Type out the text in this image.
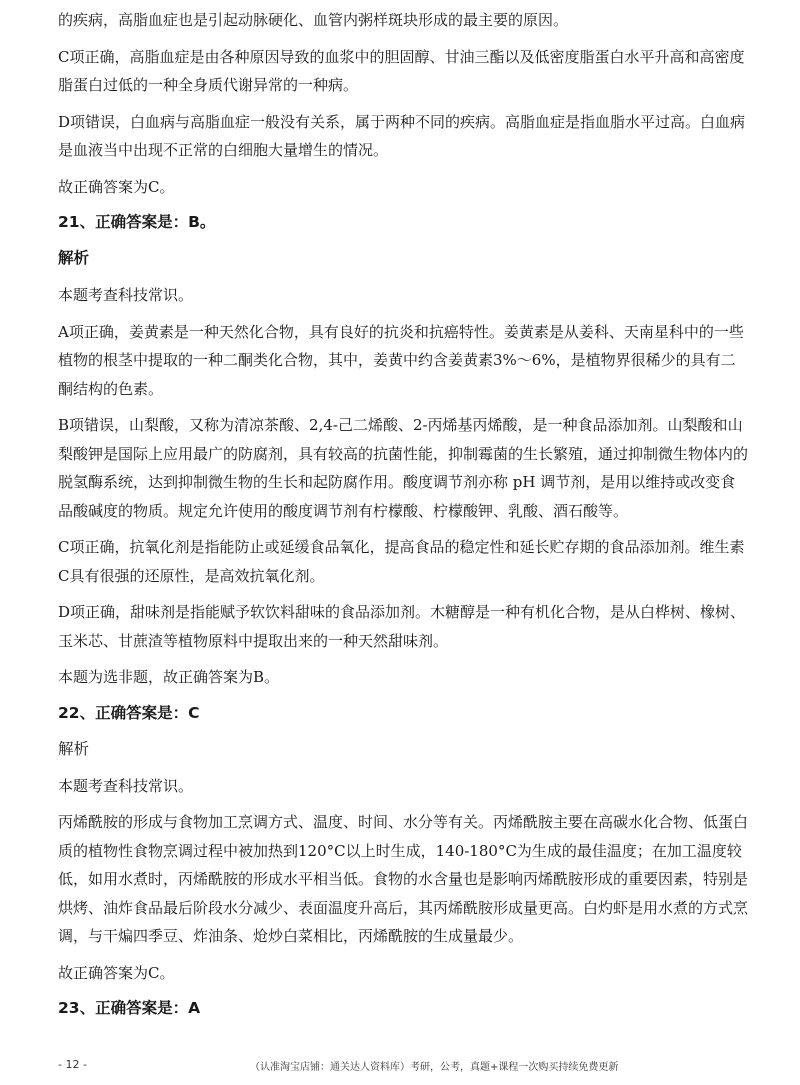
的疾病，高脂血症也是引起动脉硬化、血管内粥样斑块形成的最主要的原因。

C项正确，高脂血症是由各种原因导致的血浆中的胆固醇、甘油三酯以及低密度脂蛋白水平升高和高密度脂蛋白过低的一种全身质代谢异常的一种病。

D项错误，白血病与高脂血症一般没有关系，属于两种不同的疾病。高脂血症是指血脂水平过高。白血病是血液当中出现不正常的白细胞大量增生的情况。

故正确答案为C。

21、正确答案是：B。
解析

本题考查科技常识。

A项正确，姜黄素是一种天然化合物，具有良好的抗炎和抗癌特性。姜黄素是从姜科、天南星科中的一些植物的根茎中提取的一种二酮类化合物，其中，姜黄中约含姜黄素3%～6%，是植物界很稀少的具有二酮结构的色素。

B项错误，山梨酸，又称为清凉茶酸、2,4-己二烯酸、2-丙烯基丙烯酸，是一种食品添加剂。山梨酸和山梨酸钾是国际上应用最广的防腐剂，具有较高的抗菌性能，抑制霉菌的生长繁殖，通过抑制微生物体内的脱氢酶系统，达到抑制微生物的生长和起防腐作用。酸度调节剂亦称 pH 调节剂，是用以维持或改变食品酸碱度的物质。规定允许使用的酸度调节剂有柠檬酸、柠檬酸钾、乳酸、酒石酸等。

C项正确，抗氧化剂是指能防止或延缓食品氧化，提高食品的稳定性和延长贮存期的食品添加剂。维生素C具有很强的还原性，是高效抗氧化剂。

D项正确，甜味剂是指能赋予软饮料甜味的食品添加剂。木糖醇是一种有机化合物，是从白桦树、橡树、玉米芯、甘蔗渣等植物原料中提取出来的一种天然甜味剂。

本题为选非题，故正确答案为B。

22、正确答案是：C
解析

本题考查科技常识。

丙烯酰胺的形成与食物加工烹调方式、温度、时间、水分等有关。丙烯酰胺主要在高碳水化合物、低蛋白质的植物性食物烹调过程中被加热到120°C以上时生成，140-180°C为生成的最佳温度；在加工温度较低，如用水煮时，丙烯酰胺的形成水平相当低。食物的水含量也是影响丙烯酰胺形成的重要因素，特别是烘烤、油炸食品最后阶段水分减少、表面温度升高后，其丙烯酰胺形成量更高。白灼虾是用水煮的方式烹调，与干煸四季豆、炸油条、炝炒白菜相比，丙烯酰胺的生成量最少。

故正确答案为C。

23、正确答案是：A
- 12 -	（认准淘宝店铺：通关达人资料库）考研，公考，真题+课程一次购买持续免费更新
